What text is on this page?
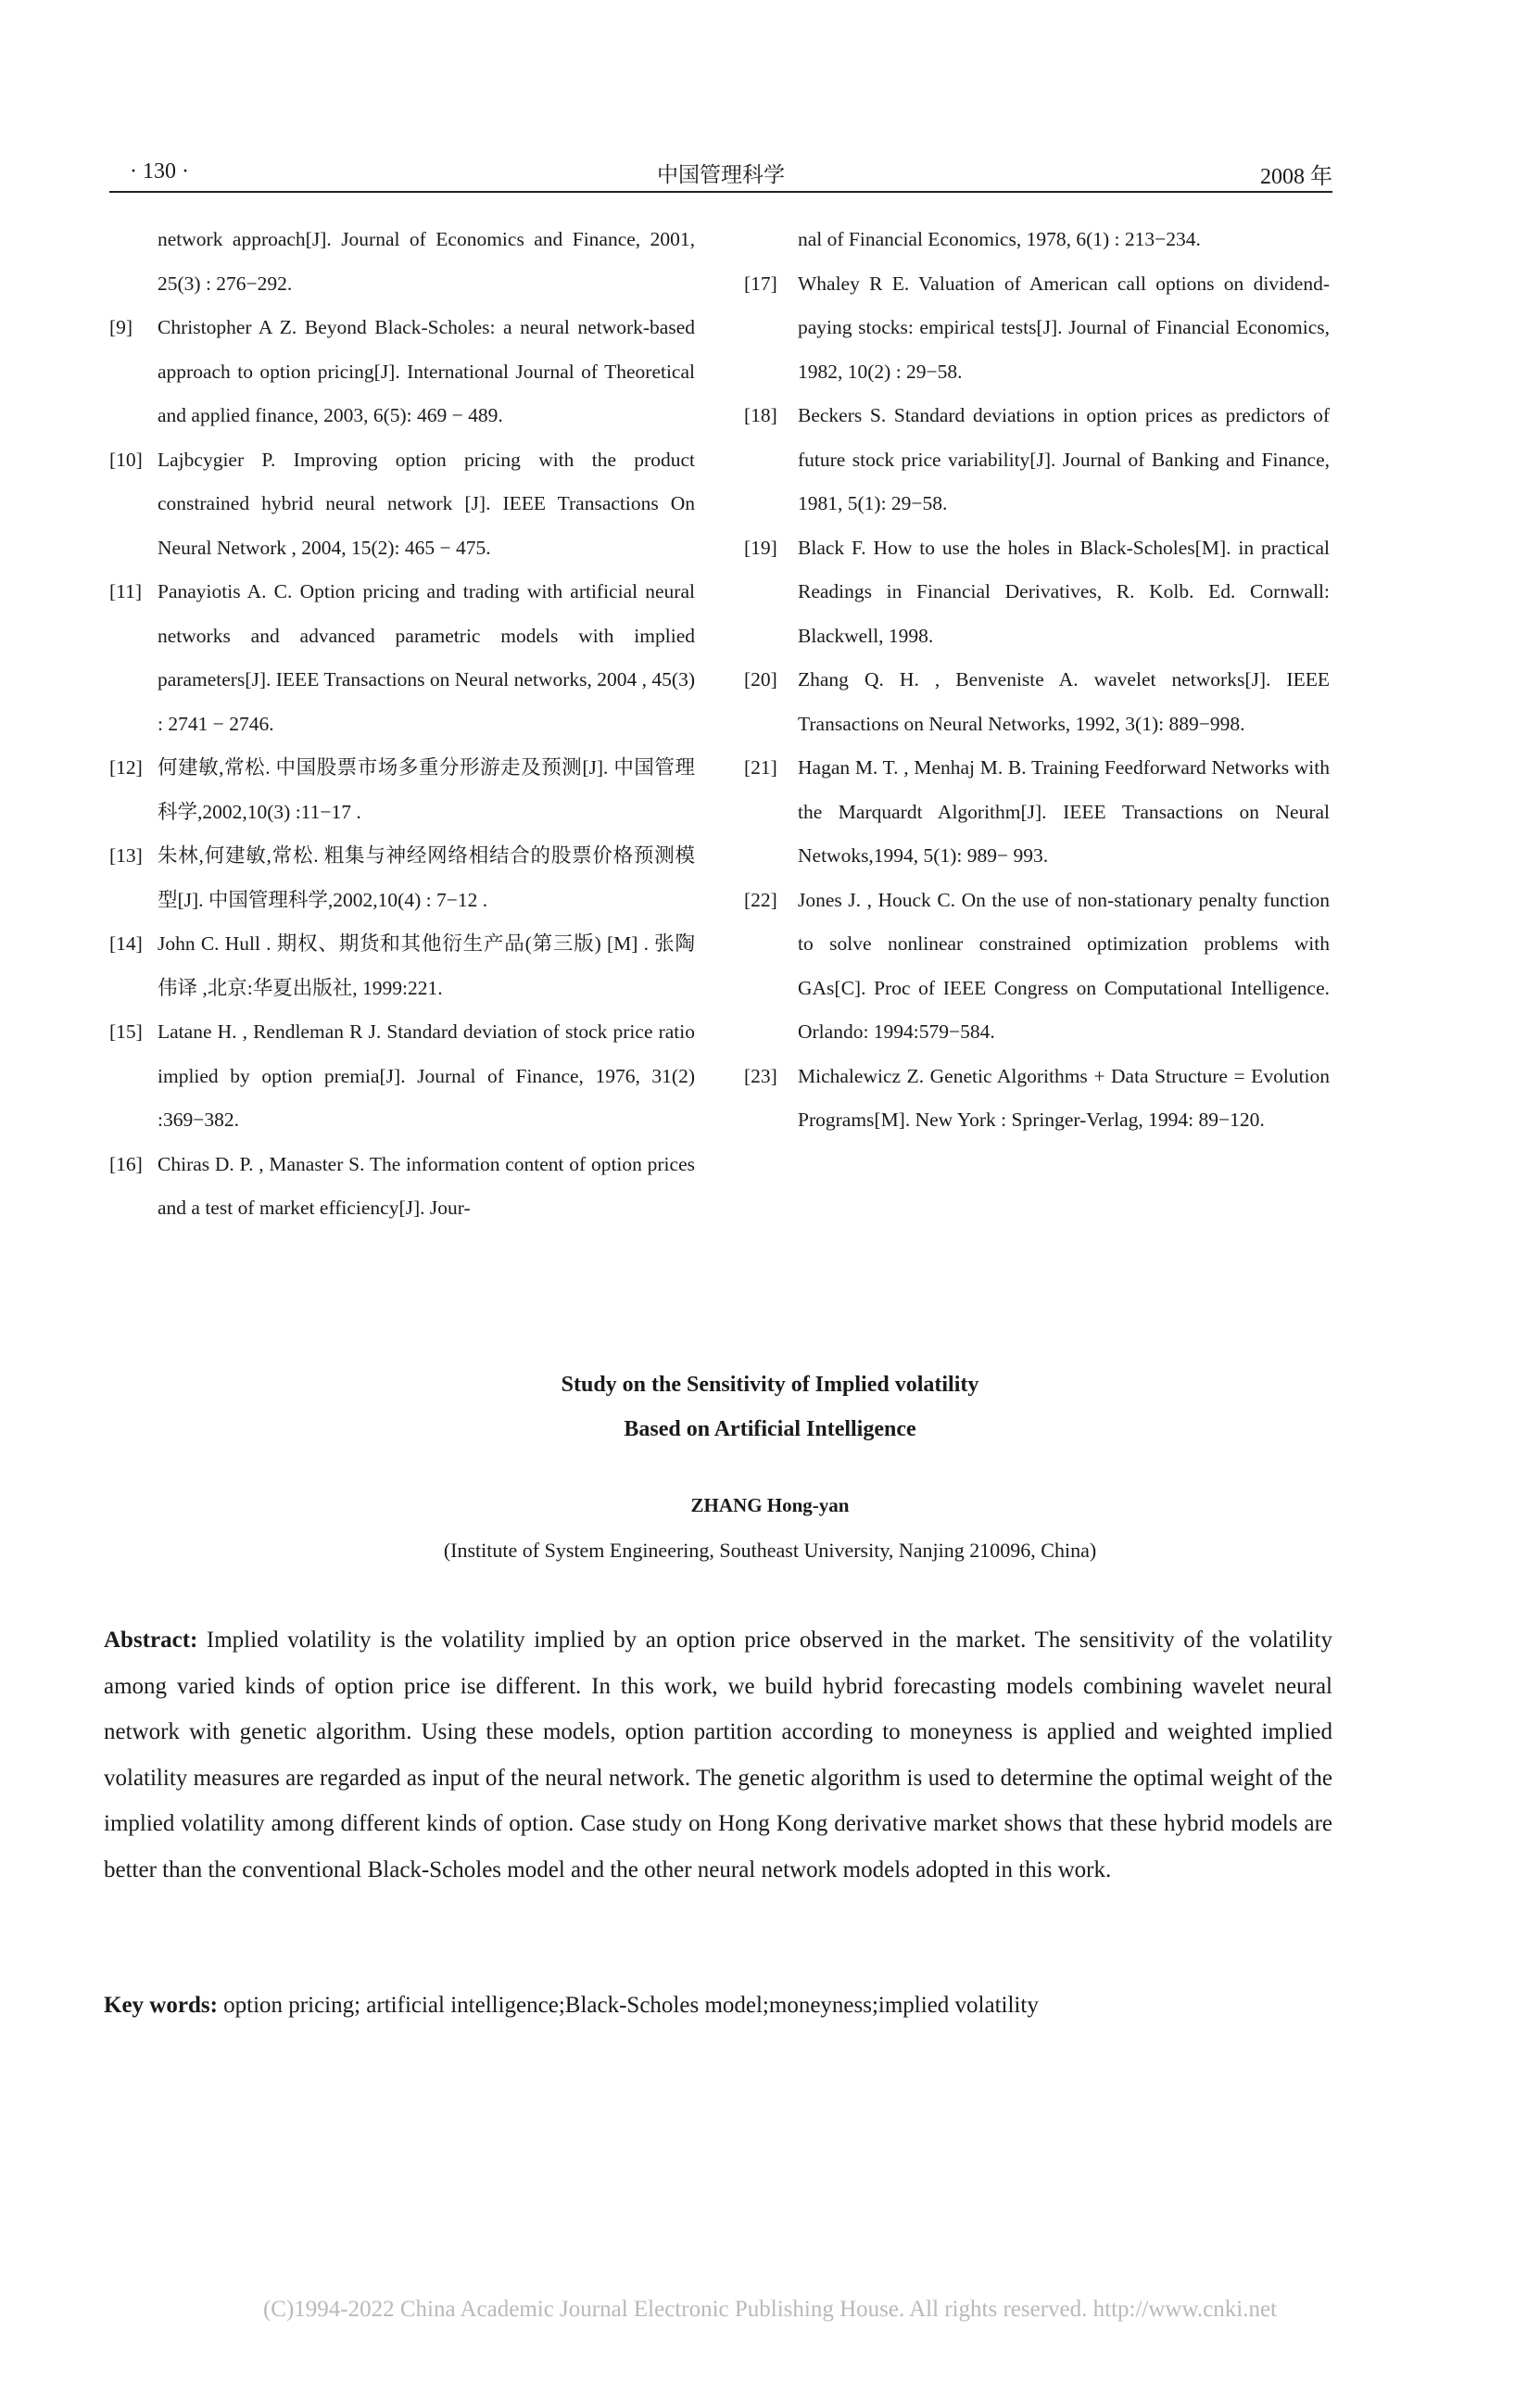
· 130 ·	中国管理科学	2008 年
network approach[J]. Journal of Economics and Finance, 2001, 25(3) : 276−292.
[9] Christopher A Z. Beyond Black-Scholes: a neural network-based approach to option pricing[J]. International Journal of Theoretical and applied finance, 2003, 6(5): 469 − 489.
[10] Lajbcygier P. Improving option pricing with the product constrained hybrid neural network [J]. IEEE Transactions On Neural Network , 2004, 15(2): 465 − 475.
[11] Panayiotis A. C. Option pricing and trading with artificial neural networks and advanced parametric models with implied parameters[J]. IEEE Transactions on Neural networks, 2004 , 45(3) : 2741 − 2746.
[12] 何建敏,常松. 中国股票市场多重分形游走及预测[J]. 中国管理科学,2002,10(3) :11−17 .
[13] 朱林,何建敏,常松. 粗集与神经网络相结合的股票价格预测模型[J]. 中国管理科学,2002,10(4) : 7−12 .
[14] John C. Hull . 期权、期货和其他衍生产品(第三版) [M] . 张陶伟译 ,北京:华夏出版社, 1999:221.
[15] Latane H. , Rendleman R J. Standard deviation of stock price ratio implied by option premia[J]. Journal of Finance, 1976, 31(2) :369−382.
[16] Chiras D. P. , Manaster S. The information content of option prices and a test of market efficiency[J]. Jour-
nal of Financial Economics, 1978, 6(1) : 213−234.
[17] Whaley R E. Valuation of American call options on dividend-paying stocks: empirical tests[J]. Journal of Financial Economics, 1982, 10(2) : 29−58.
[18] Beckers S. Standard deviations in option prices as predictors of future stock price variability[J]. Journal of Banking and Finance, 1981, 5(1): 29−58.
[19] Black F. How to use the holes in Black-Scholes[M]. in practical Readings in Financial Derivatives, R. Kolb. Ed. Cornwall: Blackwell, 1998.
[20] Zhang Q. H. , Benveniste A. wavelet networks[J]. IEEE Transactions on Neural Networks, 1992, 3(1): 889−998.
[21] Hagan M. T. , Menhaj M. B. Training Feedforward Networks with the Marquardt Algorithm[J]. IEEE Transactions on Neural Netwoks,1994, 5(1): 989− 993.
[22] Jones J. , Houck C. On the use of non-stationary penalty function to solve nonlinear constrained optimization problems with GAs[C]. Proc of IEEE Congress on Computational Intelligence. Orlando: 1994:579−584.
[23] Michalewicz Z. Genetic Algorithms + Data Structure = Evolution Programs[M]. New York : Springer-Verlag, 1994: 89−120.
Study on the Sensitivity of Implied volatility
Based on Artificial Intelligence
ZHANG Hong-yan
(Institute of System Engineering, Southeast University, Nanjing 210096, China)
Abstract: Implied volatility is the volatility implied by an option price observed in the market. The sensitivity of the volatility among varied kinds of option price ise different. In this work, we build hybrid forecasting models combining wavelet neural network with genetic algorithm. Using these models, option partition according to moneyness is applied and weighted implied volatility measures are regarded as input of the neural network. The genetic algorithm is used to determine the optimal weight of the implied volatility among different kinds of option. Case study on Hong Kong derivative market shows that these hybrid models are better than the conventional Black-Scholes model and the other neural network models adopted in this work.
Key words: option pricing; artificial intelligence;Black-Scholes model;moneyness;implied volatility
(C)1994-2022 China Academic Journal Electronic Publishing House. All rights reserved. http://www.cnki.net
